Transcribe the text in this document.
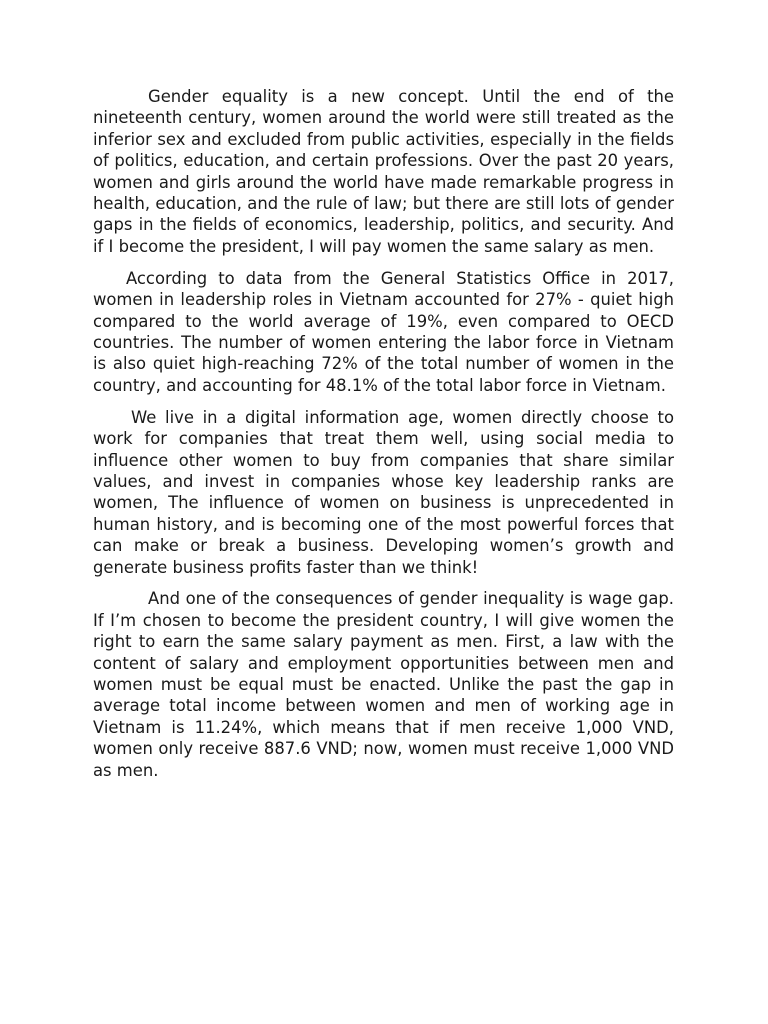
Gender equality is a new concept. Until the end of the nineteenth century, women around the world were still treated as the inferior sex and excluded from public activities, especially in the fields of politics, education, and certain professions. Over the past 20 years, women and girls around the world have made remarkable progress in health, education, and the rule of law; but there are still lots of gender gaps in the fields of economics, leadership, politics, and security. And if I become the president, I will pay women the same salary as men.

According to data from the General Statistics Office in 2017, women in leadership roles in Vietnam accounted for 27% - quiet high compared to the world average of 19%, even compared to OECD countries. The number of women entering the labor force in Vietnam is also quiet high-reaching 72% of the total number of women in the country, and accounting for 48.1% of the total labor force in Vietnam.

We live in a digital information age, women directly choose to work for companies that treat them well, using social media to influence other women to buy from companies that share similar values, and invest in companies whose key leadership ranks are women, The influence of women on business is unprecedented in human history, and is becoming one of the most powerful forces that can make or break a business. Developing women’s growth and generate business profits faster than we think!

And one of the consequences of gender inequality is wage gap. If I’m chosen to become the president country, I will give women the right to earn the same salary payment as men. First, a law with the content of salary and employment opportunities between men and women must be equal must be enacted. Unlike the past the gap in average total income between women and men of working age in Vietnam is 11.24%, which means that if men receive 1,000 VND, women only receive 887.6 VND; now, women must receive 1,000 VND as men.
